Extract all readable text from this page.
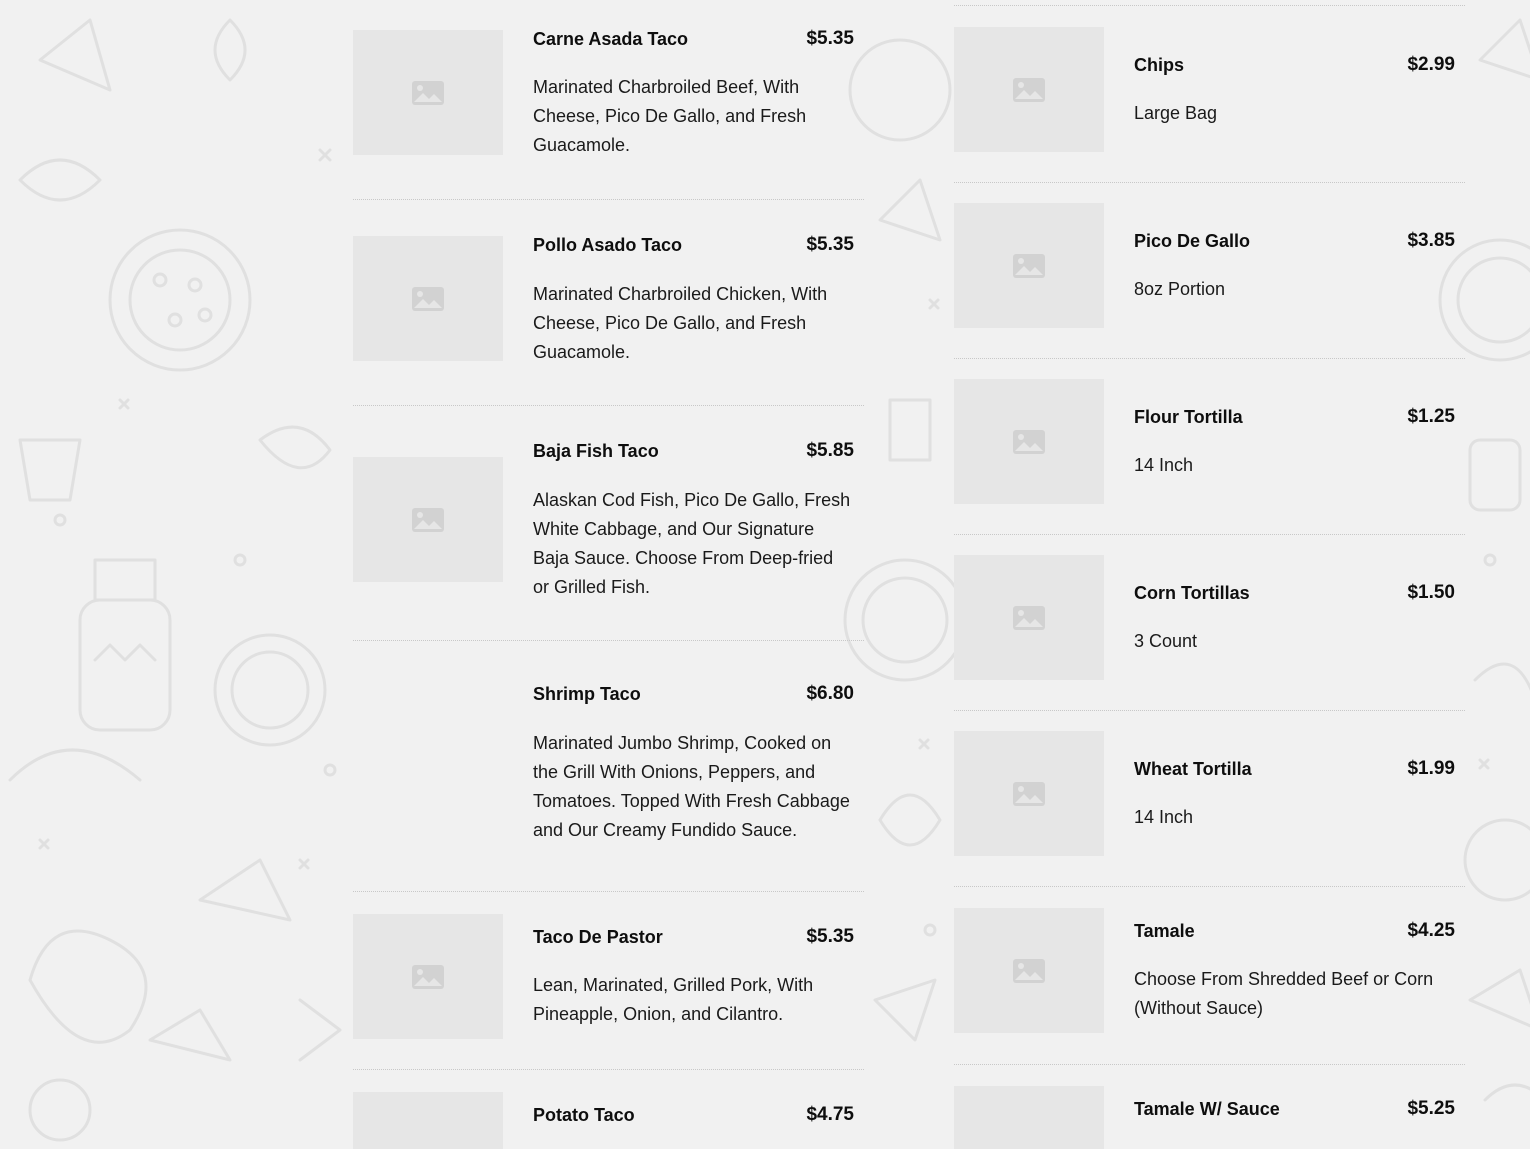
Carne Asada Taco	$5.35
Marinated Charbroiled Beef, With Cheese, Pico De Gallo, and Fresh Guacamole.
Pollo Asado Taco	$5.35
Marinated Charbroiled Chicken, With Cheese, Pico De Gallo, and Fresh Guacamole.
Baja Fish Taco	$5.85
Alaskan Cod Fish, Pico De Gallo, Fresh White Cabbage, and Our Signature Baja Sauce. Choose From Deep-fried or Grilled Fish.
Shrimp Taco	$6.80
Marinated Jumbo Shrimp, Cooked on the Grill With Onions, Peppers, and Tomatoes. Topped With Fresh Cabbage and Our Creamy Fundido Sauce.
Taco De Pastor	$5.35
Lean, Marinated, Grilled Pork, With Pineapple, Onion, and Cilantro.
Potato Taco	$4.75
Chips	$2.99
Large Bag
Pico De Gallo	$3.85
8oz Portion
Flour Tortilla	$1.25
14 Inch
Corn Tortillas	$1.50
3 Count
Wheat Tortilla	$1.99
14 Inch
Tamale	$4.25
Choose From Shredded Beef or Corn (Without Sauce)
Tamale W/ Sauce	$5.25
